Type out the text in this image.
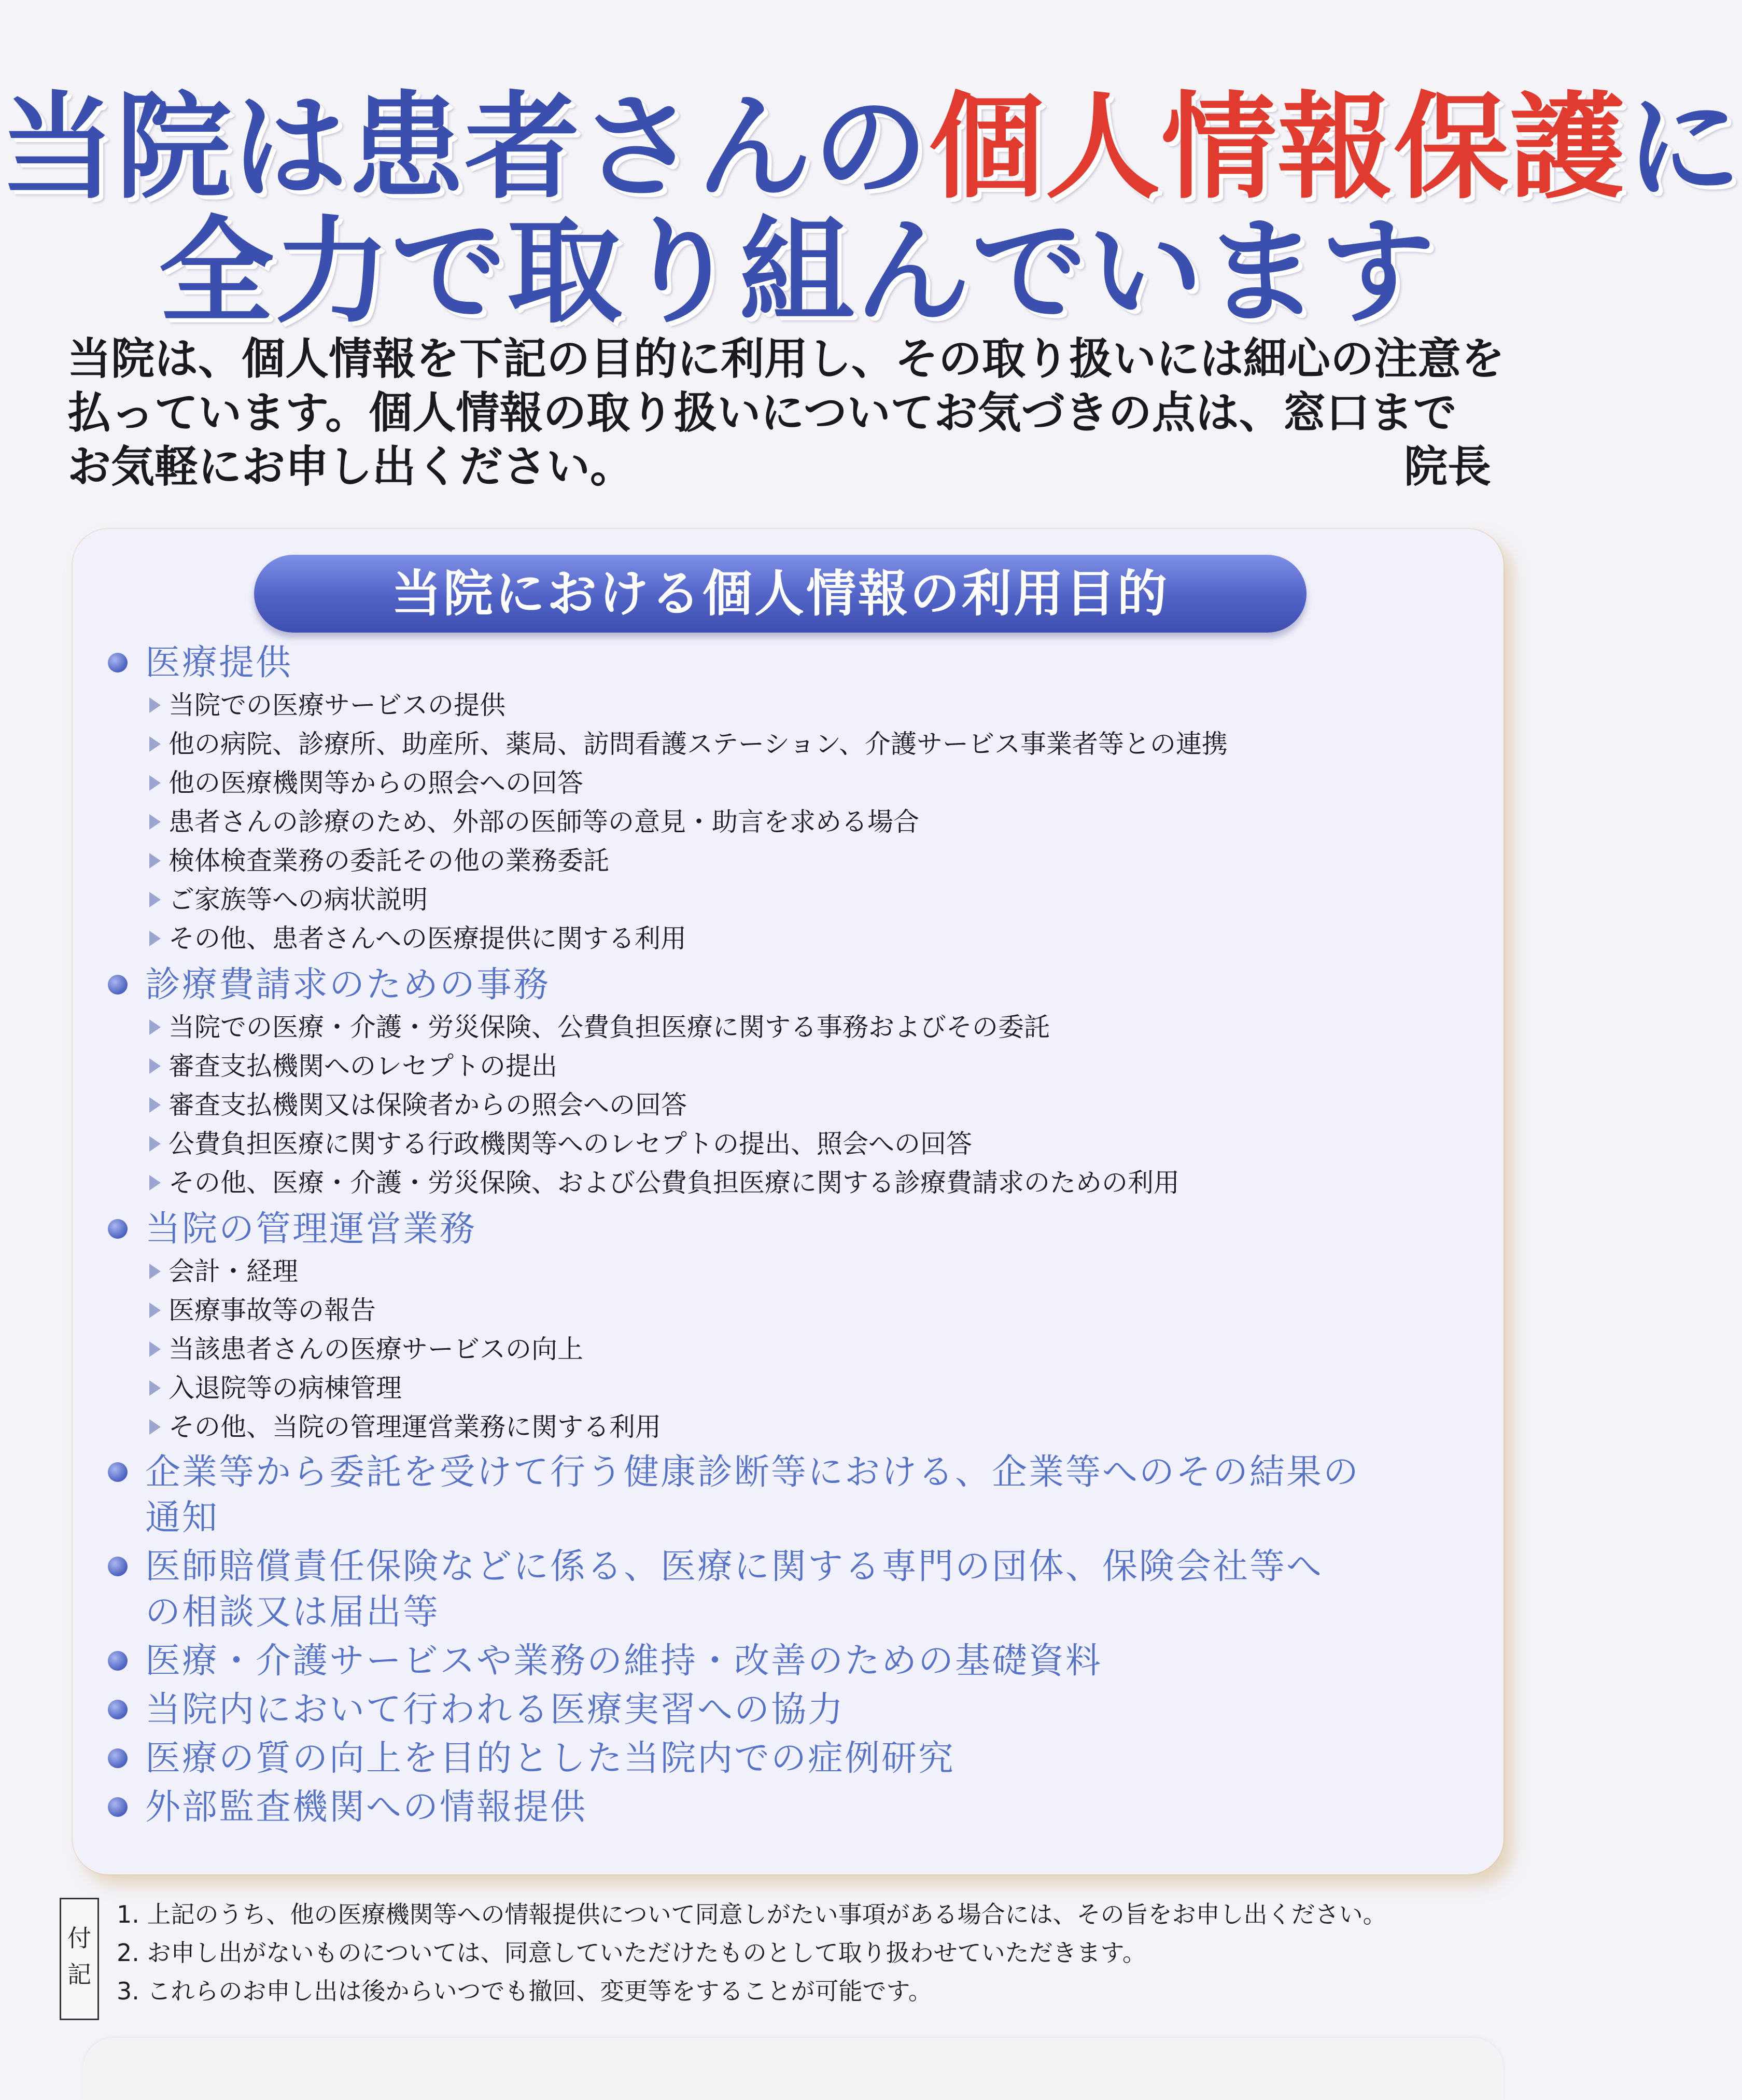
当院は患者さんの個人情報保護に
全力で取り組んでいます
当院は、個人情報を下記の目的に利用し、その取り扱いには細心の注意を
払っています。個人情報の取り扱いについてお気づきの点は、窓口まで
お気軽にお申し出ください。	院長
当院における個人情報の利用目的
医療提供
当院での医療サービスの提供
他の病院、診療所、助産所、薬局、訪問看護ステーション、介護サービス事業者等との連携
他の医療機関等からの照会への回答
患者さんの診療のため、外部の医師等の意見・助言を求める場合
検体検査業務の委託その他の業務委託
ご家族等への病状説明
その他、患者さんへの医療提供に関する利用
診療費請求のための事務
当院での医療・介護・労災保険、公費負担医療に関する事務およびその委託
審査支払機関へのレセプトの提出
審査支払機関又は保険者からの照会への回答
公費負担医療に関する行政機関等へのレセプトの提出、照会への回答
その他、医療・介護・労災保険、および公費負担医療に関する診療費請求のための利用
当院の管理運営業務
会計・経理
医療事故等の報告
当該患者さんの医療サービスの向上
入退院等の病棟管理
その他、当院の管理運営業務に関する利用
企業等から委託を受けて行う健康診断等における、企業等へのその結果の
通知
医師賠償責任保険などに係る、医療に関する専門の団体、保険会社等へ
の相談又は届出等
医療・介護サービスや業務の維持・改善のための基礎資料
当院内において行われる医療実習への協力
医療の質の向上を目的とした当院内での症例研究
外部監査機関への情報提供
付記
1. 上記のうち、他の医療機関等への情報提供について同意しがたい事項がある場合には、その旨をお申し出ください。
2. お申し出がないものについては、同意していただけたものとして取り扱わせていただきます。
3. これらのお申し出は後からいつでも撤回、変更等をすることが可能です。
